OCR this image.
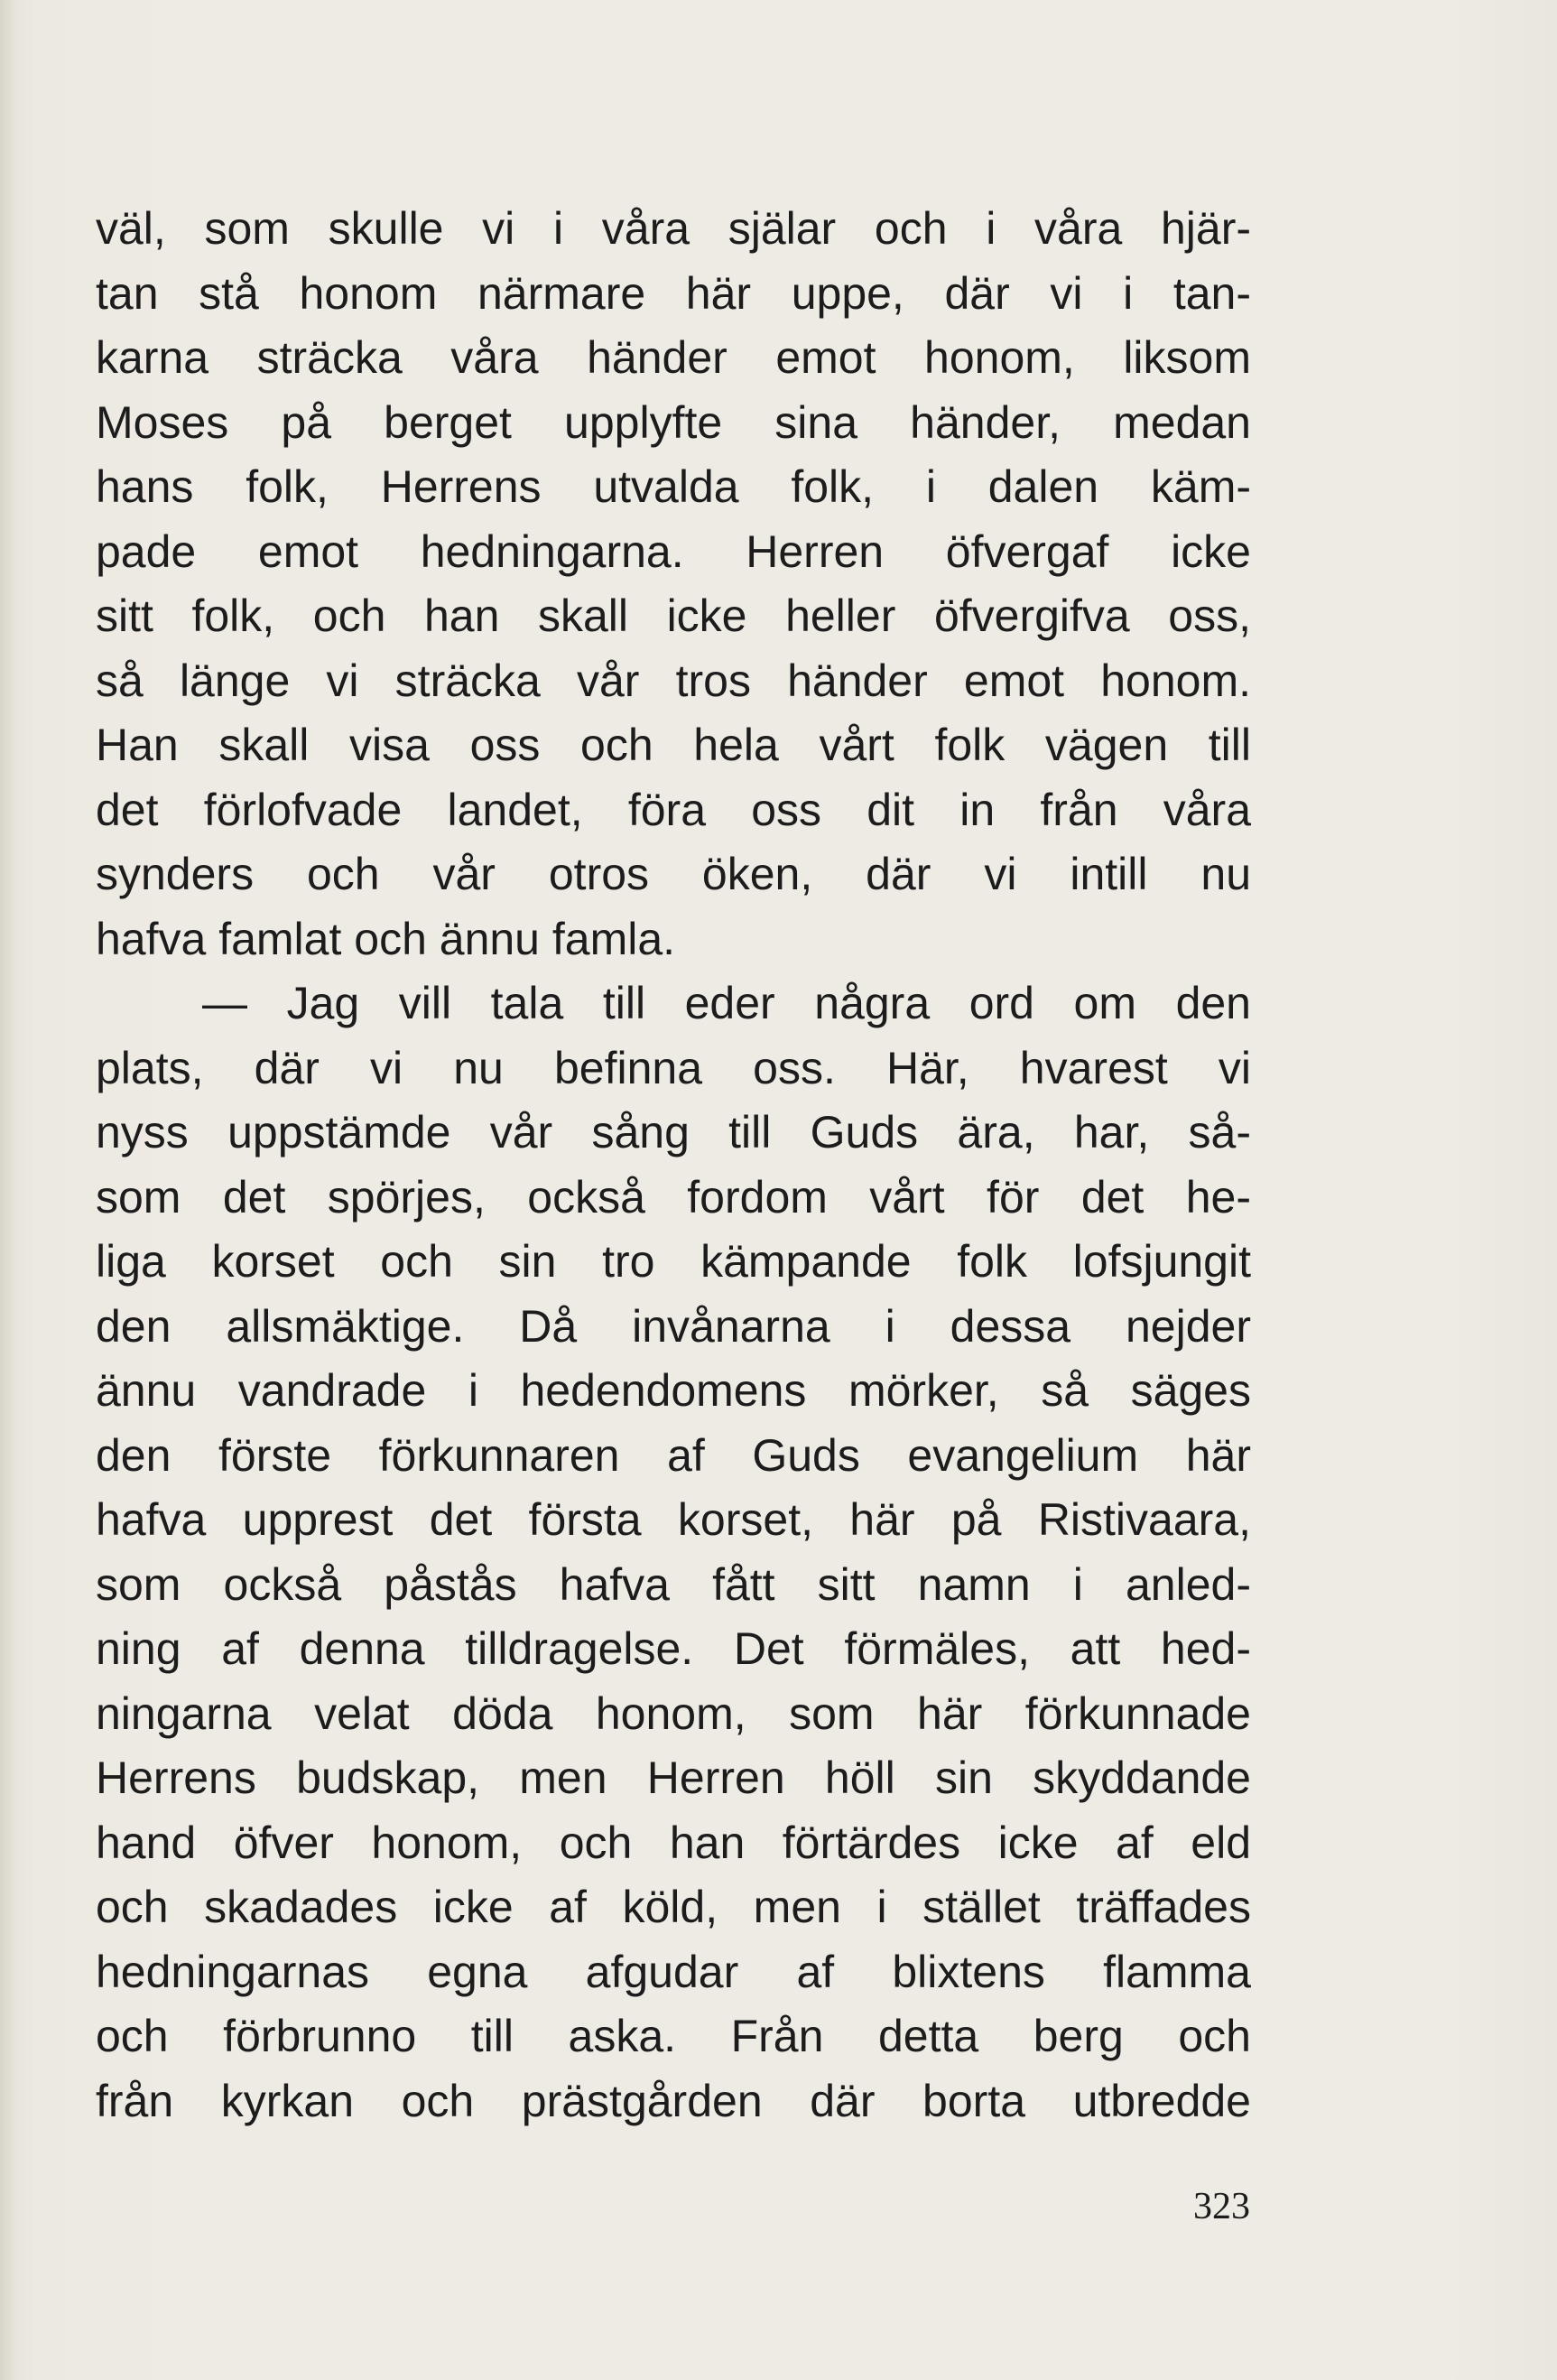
väl, som skulle vi i våra själar och i våra hjär-
tan stå honom närmare här uppe, där vi i tan-
karna sträcka våra händer emot honom, liksom
Moses på berget upplyfte sina händer, medan
hans folk, Herrens utvalda folk, i dalen käm-
pade emot hedningarna. Herren öfvergaf icke
sitt folk, och han skall icke heller öfvergifva oss,
så länge vi sträcka vår tros händer emot honom.
Han skall visa oss och hela vårt folk vägen till
det förlofvade landet, föra oss dit in från våra
synders och vår otros öken, där vi intill nu
hafva famlat och ännu famla.
— Jag vill tala till eder några ord om den
plats, där vi nu befinna oss. Här, hvarest vi
nyss uppstämde vår sång till Guds ära, har, så-
som det spörjes, också fordom vårt för det he-
liga korset och sin tro kämpande folk lofsjungit
den allsmäktige. Då invånarna i dessa nejder
ännu vandrade i hedendomens mörker, så säges
den förste förkunnaren af Guds evangelium här
hafva upprest det första korset, här på Ristivaara,
som också påstås hafva fått sitt namn i anled-
ning af denna tilldragelse. Det förmäles, att hed-
ningarna velat döda honom, som här förkunnade
Herrens budskap, men Herren höll sin skyddande
hand öfver honom, och han förtärdes icke af eld
och skadades icke af köld, men i stället träffades
hedningarnas egna afgudar af blixtens flamma
och förbrunno till aska. Från detta berg och
från kyrkan och prästgården där borta utbredde
323
